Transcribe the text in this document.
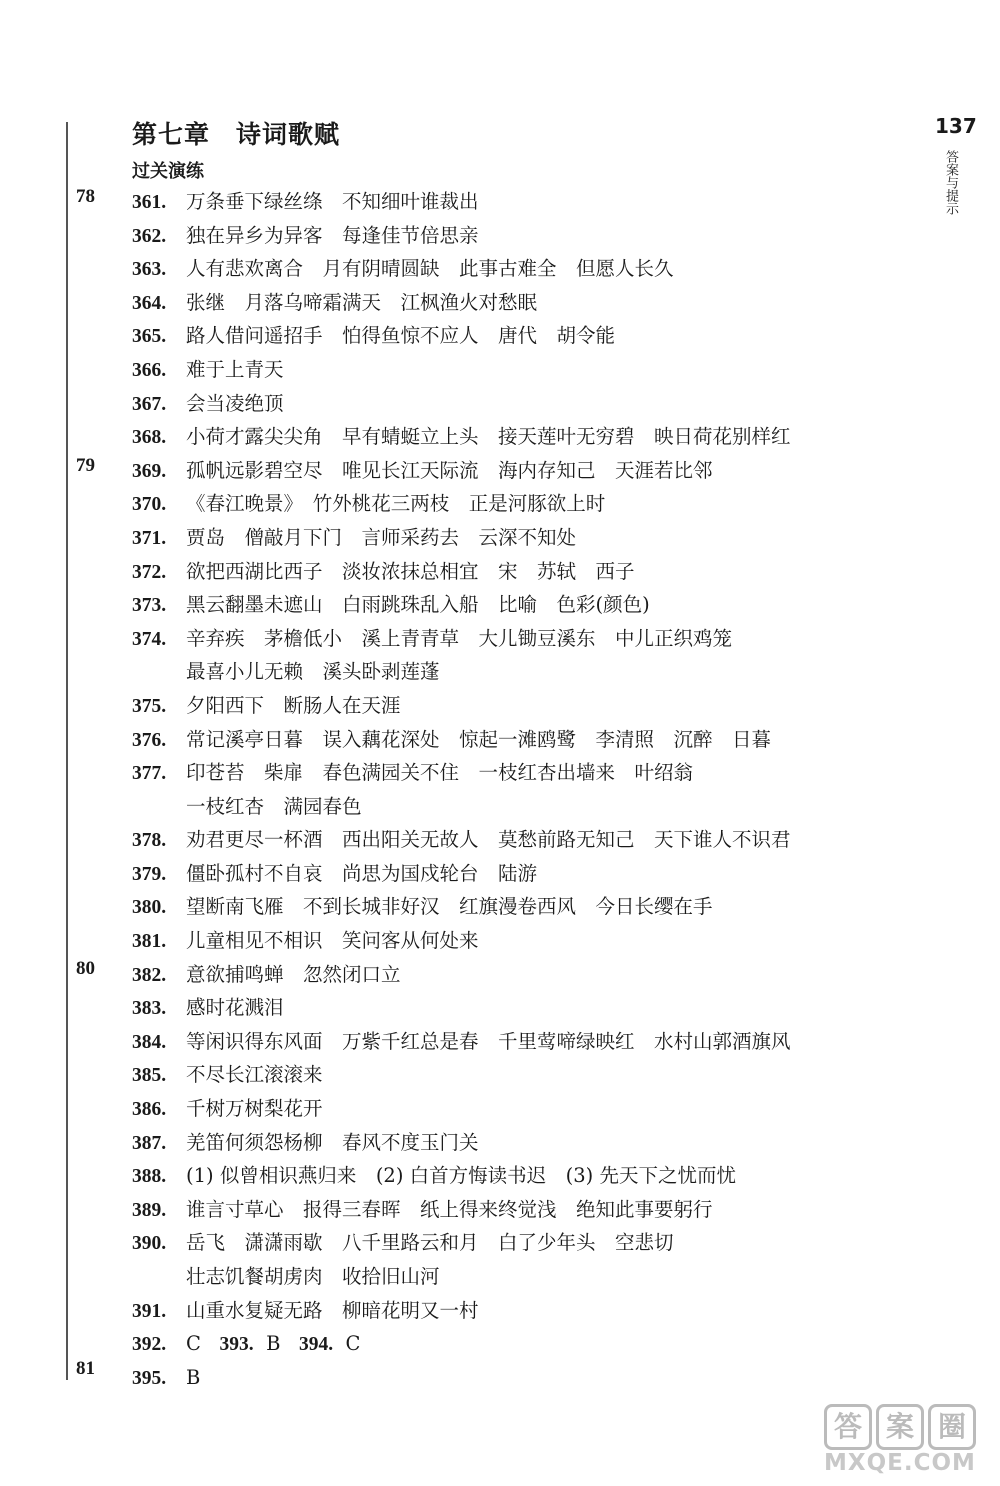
第七章　诗词歌赋
过关演练
137
答案与提示
78
79
80
81
361. 万条垂下绿丝绦　不知细叶谁裁出
362. 独在异乡为异客　每逢佳节倍思亲
363. 人有悲欢离合　月有阴晴圆缺　此事古难全　但愿人长久
364. 张继　月落乌啼霜满天　江枫渔火对愁眠
365. 路人借问遥招手　怕得鱼惊不应人　唐代　胡令能
366. 难于上青天
367. 会当凌绝顶
368. 小荷才露尖尖角　早有蜻蜓立上头　接天莲叶无穷碧　映日荷花别样红
369. 孤帆远影碧空尽　唯见长江天际流　海内存知己　天涯若比邻
370. 《春江晚景》　竹外桃花三两枝　正是河豚欲上时
371. 贾岛　僧敲月下门　言师采药去　云深不知处
372. 欲把西湖比西子　淡妆浓抹总相宜　宋　苏轼　西子
373. 黑云翻墨未遮山　白雨跳珠乱入船　比喻　色彩(颜色)
374. 辛弃疾　茅檐低小　溪上青青草　大儿锄豆溪东　中儿正织鸡笼
最喜小儿无赖　溪头卧剥莲蓬
375. 夕阳西下　断肠人在天涯
376. 常记溪亭日暮　误入藕花深处　惊起一滩鸥鹭　李清照　沉醉　日暮
377. 印苍苔　柴扉　春色满园关不住　一枝红杏出墙来　叶绍翁
一枝红杏　满园春色
378. 劝君更尽一杯酒　西出阳关无故人　莫愁前路无知己　天下谁人不识君
379. 僵卧孤村不自哀　尚思为国戍轮台　陆游
380. 望断南飞雁　不到长城非好汉　红旗漫卷西风　今日长缨在手
381. 儿童相见不相识　笑问客从何处来
382. 意欲捕鸣蝉　忽然闭口立
383. 感时花溅泪
384. 等闲识得东风面　万紫千红总是春　千里莺啼绿映红　水村山郭酒旗风
385. 不尽长江滚滚来
386. 千树万树梨花开
387. 羌笛何须怨杨柳　春风不度玉门关
388. (1) 似曾相识燕归来　(2) 白首方悔读书迟　(3) 先天下之忧而忧
389. 谁言寸草心　报得三春晖　纸上得来终觉浅　绝知此事要躬行
390. 岳飞　潇潇雨歇　八千里路云和月　白了少年头　空悲切
壮志饥餐胡虏肉　收拾旧山河
391. 山重水复疑无路　柳暗花明又一村
392. C 393. B 394. C
395. B
答 案 圈
MXQE.COM
